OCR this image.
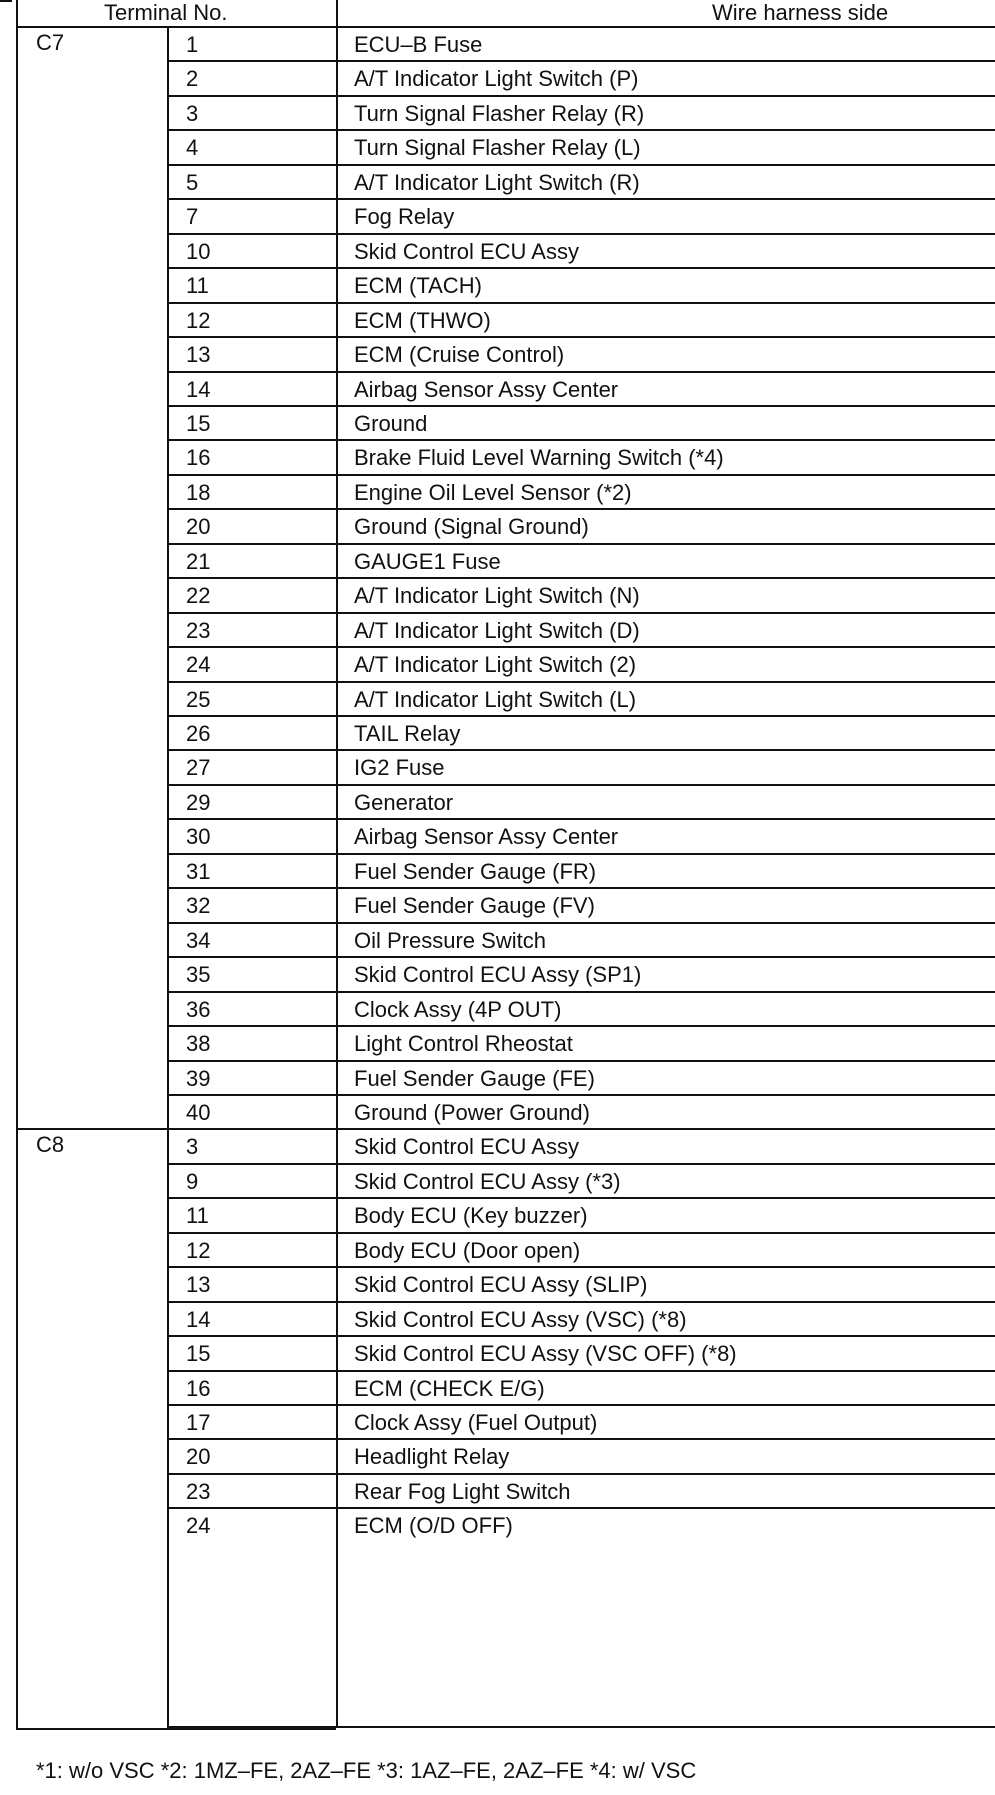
Terminal No.	Wire harness side
C7	1	ECU–B Fuse
2	A/T Indicator Light Switch (P)
3	Turn Signal Flasher Relay (R)
4	Turn Signal Flasher Relay (L)
5	A/T Indicator Light Switch (R)
7	Fog Relay
10	Skid Control ECU Assy
11	ECM (TACH)
12	ECM (THWO)
13	ECM (Cruise Control)
14	Airbag Sensor Assy Center
15	Ground
16	Brake Fluid Level Warning Switch (*4)
18	Engine Oil Level Sensor (*2)
20	Ground (Signal Ground)
21	GAUGE1 Fuse
22	A/T Indicator Light Switch (N)
23	A/T Indicator Light Switch (D)
24	A/T Indicator Light Switch (2)
25	A/T Indicator Light Switch (L)
26	TAIL Relay
27	IG2 Fuse
29	Generator
30	Airbag Sensor Assy Center
31	Fuel Sender Gauge (FR)
32	Fuel Sender Gauge (FV)
34	Oil Pressure Switch
35	Skid Control ECU Assy (SP1)
36	Clock Assy (4P OUT)
38	Light Control Rheostat
39	Fuel Sender Gauge (FE)
40	Ground (Power Ground)
C8	3	Skid Control ECU Assy
9	Skid Control ECU Assy (*3)
11	Body ECU (Key buzzer)
12	Body ECU (Door open)
13	Skid Control ECU Assy (SLIP)
14	Skid Control ECU Assy (VSC) (*8)
15	Skid Control ECU Assy (VSC OFF) (*8)
16	ECM (CHECK E/G)
17	Clock Assy (Fuel Output)
20	Headlight Relay
23	Rear Fog Light Switch
24	ECM (O/D OFF)
*1: w/o VSC *2: 1MZ–FE, 2AZ–FE *3: 1AZ–FE, 2AZ–FE *4: w/ VSC
